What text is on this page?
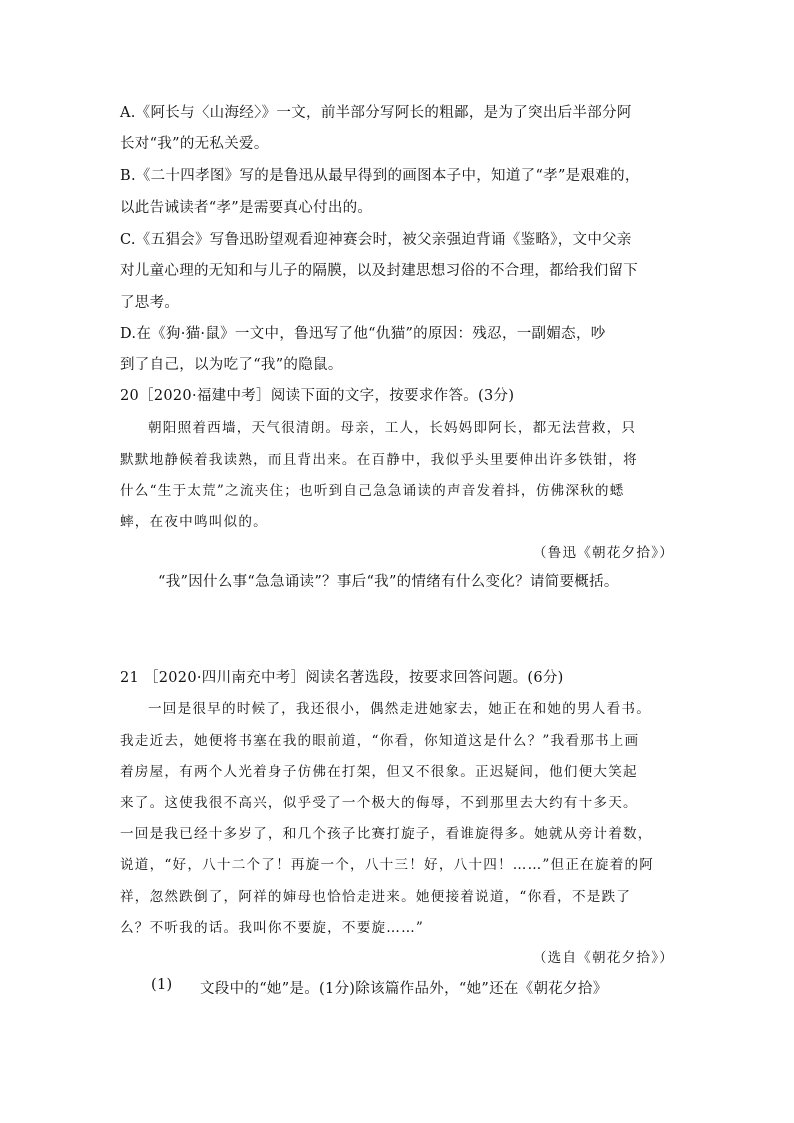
A.《阿长与〈山海经〉》一文，前半部分写阿长的粗鄙，是为了突出后半部分阿
长对“我”的无私关爱。
B.《二十四孝图》写的是鲁迅从最早得到的画图本子中，知道了“孝”是艰难的，
以此告诫读者“孝”是需要真心付出的。
C.《五猖会》写鲁迅盼望观看迎神赛会时，被父亲强迫背诵《鉴略》，文中父亲
对儿童心理的无知和与儿子的隔膜，以及封建思想习俗的不合理，都给我们留下
了思考。
D.在《狗·猫·鼠》一文中，鲁迅写了他“仇猫”的原因：残忍，一副媚态，吵
到了自己，以为吃了“我”的隐鼠。
20［2020·福建中考］阅读下面的文字，按要求作答。(3分)
朝阳照着西墙，天气很清朗。母亲，工人，长妈妈即阿长，都无法营救，只
默默地静候着我读熟，而且背出来。在百静中，我似乎头里要伸出许多铁钳，将
什么“生于太荒”之流夹住；也听到自己急急诵读的声音发着抖，仿佛深秋的蟋
蟀，在夜中鸣叫似的。
（鲁迅《朝花夕拾》）
“我”因什么事“急急诵读”？事后“我”的情绪有什么变化？请简要概括。
21 ［2020·四川南充中考］阅读名著选段，按要求回答问题。(6分)
一回是很早的时候了，我还很小，偶然走进她家去，她正在和她的男人看书。
我走近去，她便将书塞在我的眼前道，“你看，你知道这是什么？”我看那书上画
着房屋，有两个人光着身子仿佛在打架，但又不很象。正迟疑间，他们便大笑起
来了。这使我很不高兴，似乎受了一个极大的侮辱，不到那里去大约有十多天。
一回是我已经十多岁了，和几个孩子比赛打旋子，看谁旋得多。她就从旁计着数，
说道，“好，八十二个了！再旋一个，八十三！好，八十四！……”但正在旋着的阿
祥，忽然跌倒了，阿祥的婶母也恰恰走进来。她便接着说道，“你看，不是跌了
么？不听我的话。我叫你不要旋，不要旋……”
（选自《朝花夕拾》）
(1) 文段中的“她”是。(1分)除该篇作品外，“她”还在《朝花夕拾》
